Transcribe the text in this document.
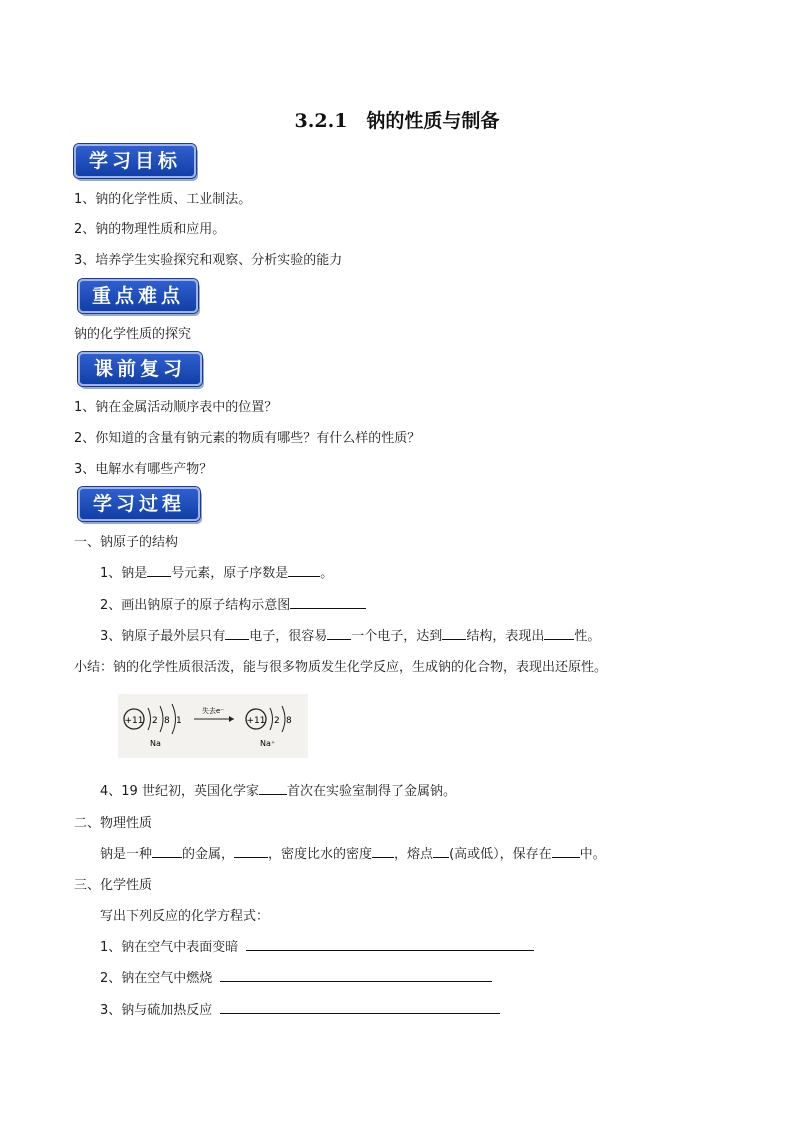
3.2.1　钠的性质与制备
学习目标
1、钠的化学性质、工业制法。
2、钠的物理性质和应用。
3、培养学生实验探究和观察、分析实验的能力
重点难点
钠的化学性质的探究
课前复习
1、钠在金属活动顺序表中的位置？
2、你知道的含量有钠元素的物质有哪些？有什么样的性质？
3、电解水有哪些产物？
学习过程
一、钠原子的结构
1、钠是 号元素，原子序数是 。
2、画出钠原子的原子结构示意图
3、钠原子最外层只有 电子，很容易 一个电子，达到 结构，表现出 性。
小结：钠的化学性质很活泼，能与很多物质发生化学反应，生成钠的化合物，表现出还原性。
+11 2 8 1
Na
失去e⁻
+11 2 8
Na⁺
4、19 世纪初，英国化学家 首次在实验室制得了金属钠。
二、物理性质
钠是一种 的金属，	，密度比水的密度 ，熔点 (高或低），保存在 中。
三、化学性质
写出下列反应的化学方程式：
1、钠在空气中表面变暗
2、钠在空气中燃烧
3、钠与硫加热反应
